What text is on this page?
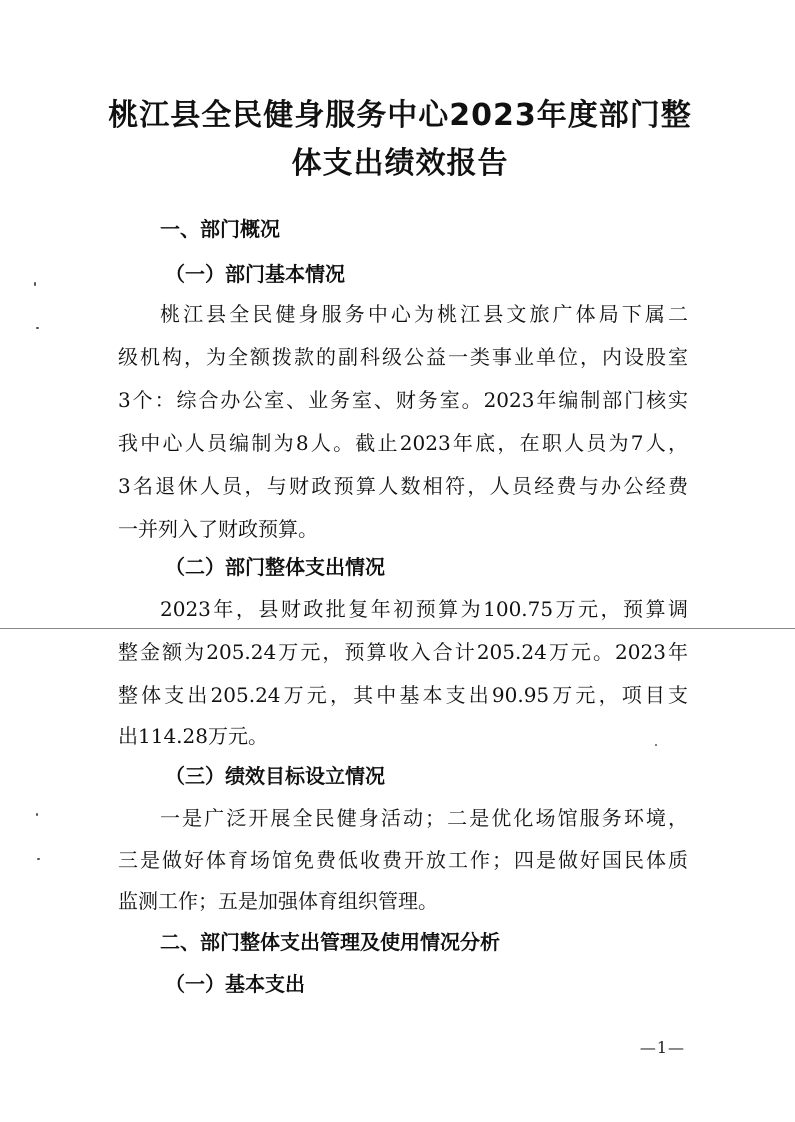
桃江县全民健身服务中心2023年度部门整
体支出绩效报告

一、部门概况

（一）部门基本情况

桃江县全民健身服务中心为桃江县文旅广体局下属二

级机构，为全额拨款的副科级公益一类事业单位，内设股室

3个：综合办公室、业务室、财务室。2023年编制部门核实

我中心人员编制为8人。截止2023年底，在职人员为7人，

3名退休人员，与财政预算人数相符，人员经费与办公经费

一并列入了财政预算。

（二）部门整体支出情况

2023年，县财政批复年初预算为100.75万元，预算调

整金额为205.24万元，预算收入合计205.24万元。2023年

整体支出205.24万元，其中基本支出90.95万元，项目支

出114.28万元。

（三）绩效目标设立情况

一是广泛开展全民健身活动；二是优化场馆服务环境，

三是做好体育场馆免费低收费开放工作；四是做好国民体质

监测工作；五是加强体育组织管理。

二、部门整体支出管理及使用情况分析

（一）基本支出

—1—
